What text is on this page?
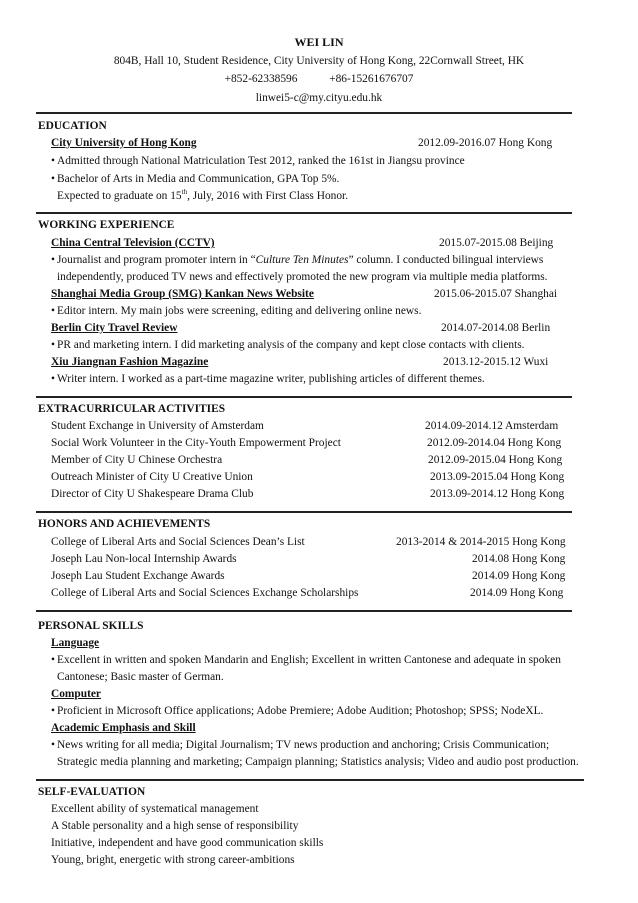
WEI LIN
804B, Hall 10, Student Residence, City University of Hong Kong, 22Cornwall Street, HK
+852-62338596	+86-15261676707
linwei5-c@my.cityu.edu.hk
EDUCATION
City University of Hong Kong	2012.09-2016.07 Hong Kong
• Admitted through National Matriculation Test 2012, ranked the 161st in Jiangsu province
• Bachelor of Arts in Media and Communication, GPA Top 5%.
Expected to graduate on 15th, July, 2016 with First Class Honor.
WORKING EXPERIENCE
China Central Television (CCTV)	2015.07-2015.08 Beijing
• Journalist and program promoter intern in “Culture Ten Minutes” column. I conducted bilingual interviews
independently, produced TV news and effectively promoted the new program via multiple media platforms.
Shanghai Media Group (SMG) Kankan News Website	2015.06-2015.07 Shanghai
• Editor intern. My main jobs were screening, editing and delivering online news.
Berlin City Travel Review	2014.07-2014.08 Berlin
• PR and marketing intern. I did marketing analysis of the company and kept close contacts with clients.
Xiu Jiangnan Fashion Magazine	2013.12-2015.12 Wuxi
• Writer intern. I worked as a part-time magazine writer, publishing articles of different themes.
EXTRACURRICULAR ACTIVITIES
Student Exchange in University of Amsterdam	2014.09-2014.12 Amsterdam
Social Work Volunteer in the City-Youth Empowerment Project	2012.09-2014.04 Hong Kong
Member of City U Chinese Orchestra	2012.09-2015.04 Hong Kong
Outreach Minister of City U Creative Union	2013.09-2015.04 Hong Kong
Director of City U Shakespeare Drama Club	2013.09-2014.12 Hong Kong
HONORS AND ACHIEVEMENTS
College of Liberal Arts and Social Sciences Dean’s List	2013-2014 & 2014-2015 Hong Kong
Joseph Lau Non-local Internship Awards	2014.08 Hong Kong
Joseph Lau Student Exchange Awards	2014.09 Hong Kong
College of Liberal Arts and Social Sciences Exchange Scholarships	2014.09 Hong Kong
PERSONAL SKILLS
Language
• Excellent in written and spoken Mandarin and English; Excellent in written Cantonese and adequate in spoken
Cantonese; Basic master of German.
Computer
• Proficient in Microsoft Office applications; Adobe Premiere; Adobe Audition; Photoshop; SPSS; NodeXL.
Academic Emphasis and Skill
• News writing for all media; Digital Journalism; TV news production and anchoring; Crisis Communication;
Strategic media planning and marketing; Campaign planning; Statistics analysis; Video and audio post production.
SELF-EVALUATION
Excellent ability of systematical management
A Stable personality and a high sense of responsibility
Initiative, independent and have good communication skills
Young, bright, energetic with strong career-ambitions
